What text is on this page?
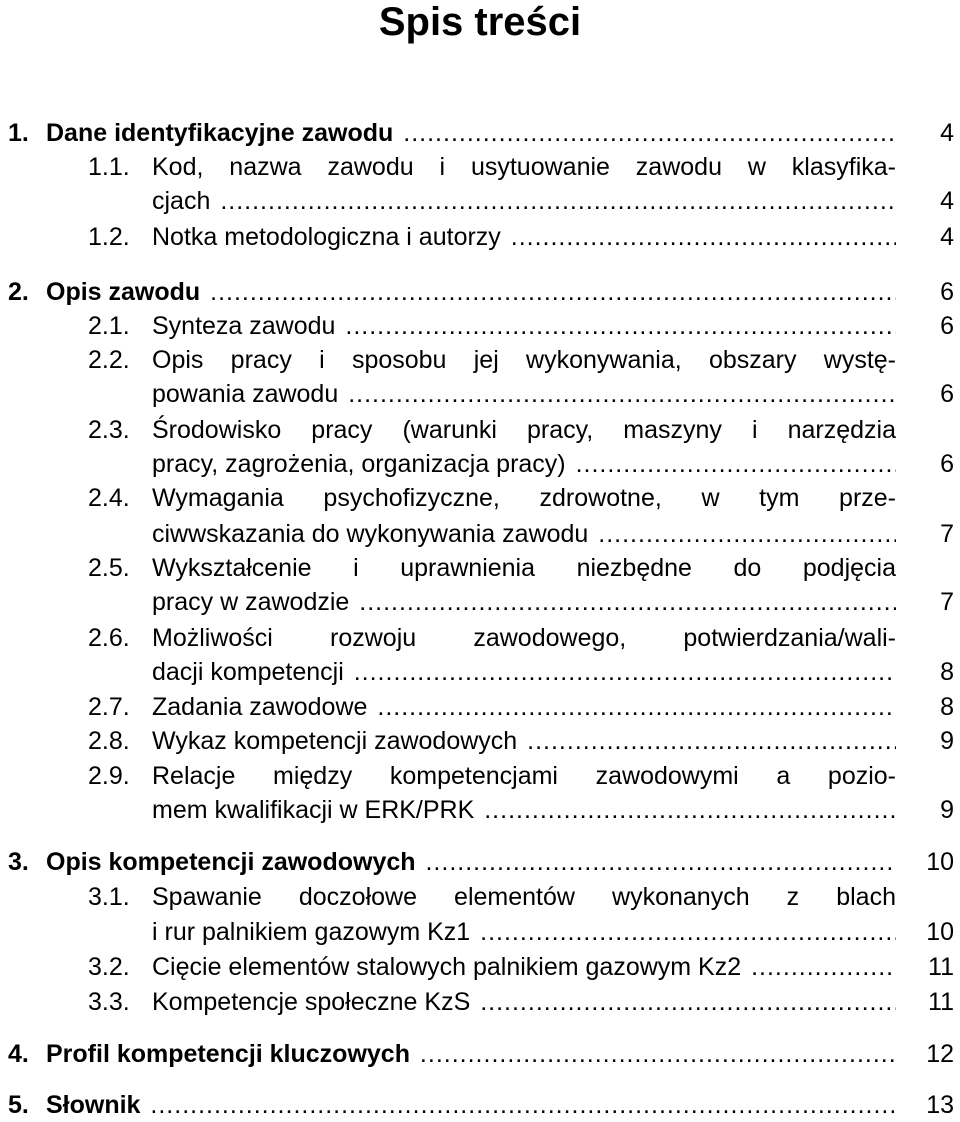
Spis treści
1. Dane identyfikacyjne zawodu .....	4
1.1. Kod, nazwa zawodu i usytuowanie zawodu w klasyfika-
cjach .....	4
1.2. Notka metodologiczna i autorzy .....	4
2. Opis zawodu .....	6
2.1. Synteza zawodu .....	6
2.2. Opis pracy i sposobu jej wykonywania, obszary wystę-
powania zawodu .....	6
2.3. Środowisko pracy (warunki pracy, maszyny i narzędzia
pracy, zagrożenia, organizacja pracy) .....	6
2.4. Wymagania psychofizyczne, zdrowotne, w tym prze-
ciwwskazania do wykonywania zawodu .....	7
2.5. Wykształcenie i uprawnienia niezbędne do podjęcia
pracy w zawodzie .....	7
2.6. Możliwości rozwoju zawodowego, potwierdzania/wali-
dacji kompetencji .....	8
2.7. Zadania zawodowe .....	8
2.8. Wykaz kompetencji zawodowych .....	9
2.9. Relacje między kompetencjami zawodowymi a pozio-
mem kwalifikacji w ERK/PRK .....	9
3. Opis kompetencji zawodowych .....	10
3.1. Spawanie doczołowe elementów wykonanych z blach
i rur palnikiem gazowym Kz1 .....	10
3.2. Cięcie elementów stalowych palnikiem gazowym Kz2 .....	11
3.3. Kompetencje społeczne KzS .....	11
4. Profil kompetencji kluczowych .....	12
5. Słownik .....	13
